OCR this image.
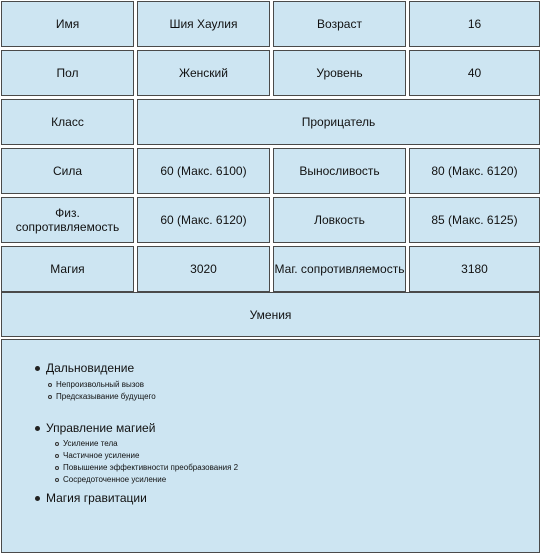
Имя	Шия Хаулия	Возраст	16
Пол	Женский	Уровень	40
Класс	Прорицатель
Сила	60 (Макс. 6100)	Выносливость	80 (Макс. 6120)
Физ. сопротивляемость	60 (Макс. 6120)	Ловкость	85 (Макс. 6125)
Магия	3020	Маг. сопротивляемость	3180
Умения
Дальновидение
Непроизвольный вызов
Предсказывание будущего
Управление магией
Усиление тела
Частичное усиление
Повышение эффективности преобразования 2
Сосредоточенное усиление
Магия гравитации
